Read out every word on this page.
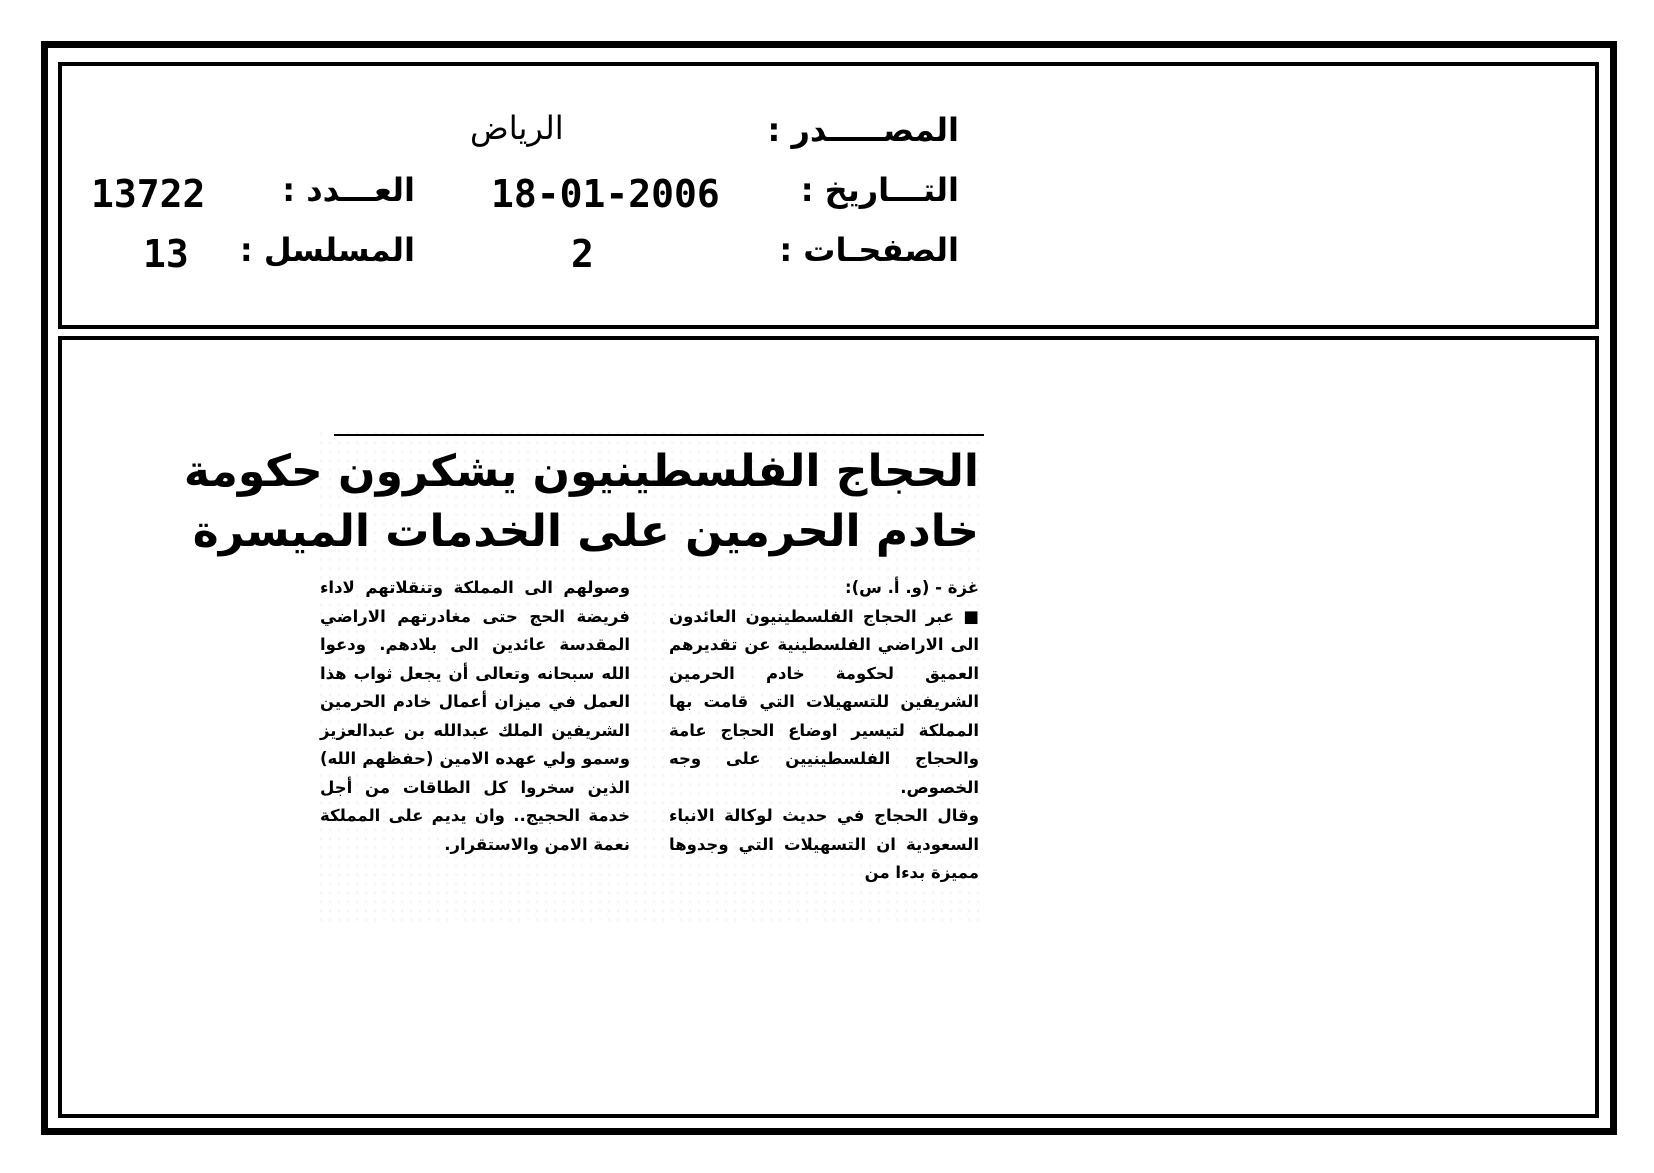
المصـــــدر :
الرياض
التـــاريخ :
18-01-2006
العـــدد :
13722
الصفحـات :
2
المسلسل :
13
الحجاج الفلسطينيون يشكرون حكومة
خادم الحرمين على الخدمات الميسرة

غزة - (و. أ. س):

■ عبر الحجاج الفلسطينيون العائدون الى الاراضي الفلسطينية عن تقديرهم العميق لحكومة خادم الحرمين الشريفين للتسهيلات التي قامت بها المملكة لتيسير اوضاع الحجاج عامة والحجاج الفلسطينيين على وجه الخصوص.

وقال الحجاج في حديث لوكالة الانباء السعودية ان التسهيلات التي وجدوها مميزة بدءا من

وصولهم الى المملكة وتنقلاتهم لاداء فريضة الحج حتى مغادرتهم الاراضي المقدسة عائدين الى بلادهم. ودعوا الله سبحانه وتعالى أن يجعل ثواب هذا العمل في ميزان أعمال خادم الحرمين الشريفين الملك عبدالله بن عبدالعزيز وسمو ولي عهده الامين (حفظهم الله) الذين سخروا كل الطاقات من أجل خدمة الحجيج.. وان يديم على المملكة نعمة الامن والاستقرار.
